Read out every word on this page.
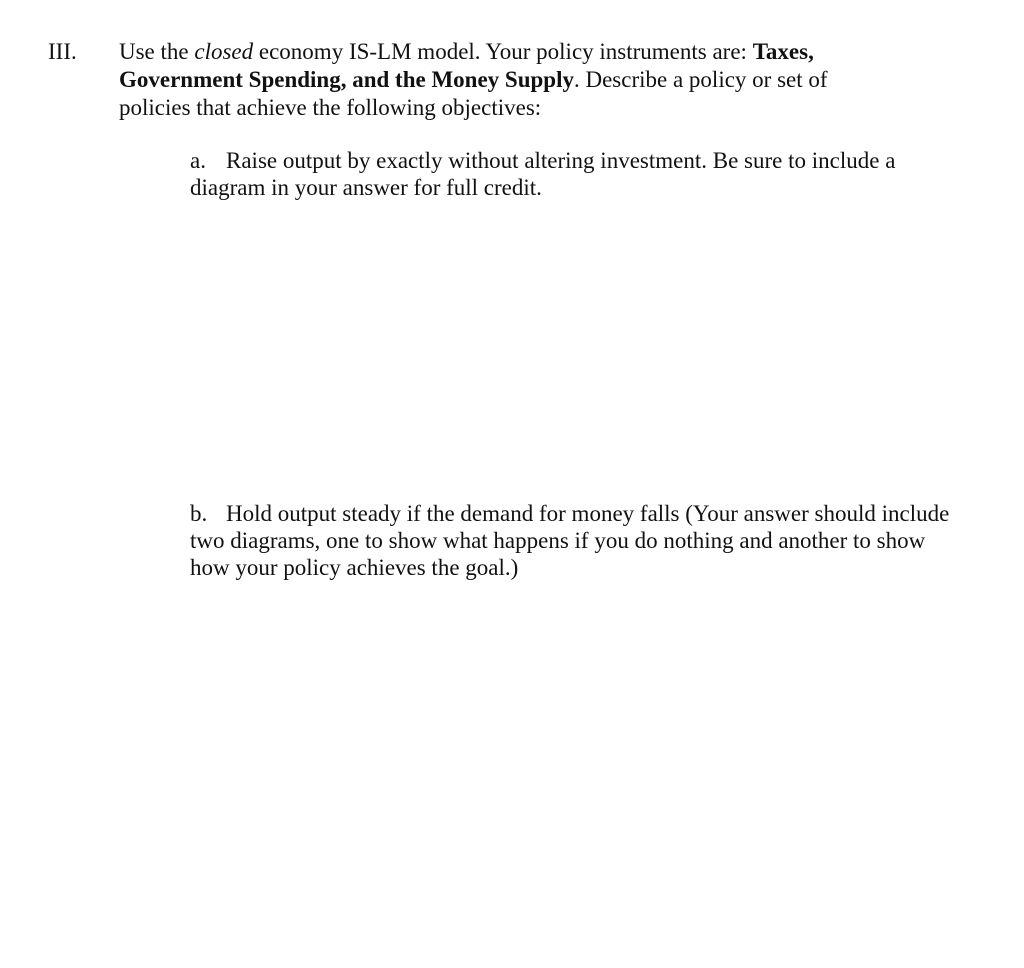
III. Use the closed economy IS-LM model. Your policy instruments are: Taxes, Government Spending, and the Money Supply. Describe a policy or set of policies that achieve the following objectives:
a. Raise output by exactly without altering investment. Be sure to include a diagram in your answer for full credit.
b. Hold output steady if the demand for money falls (Your answer should include two diagrams, one to show what happens if you do nothing and another to show how your policy achieves the goal.)
